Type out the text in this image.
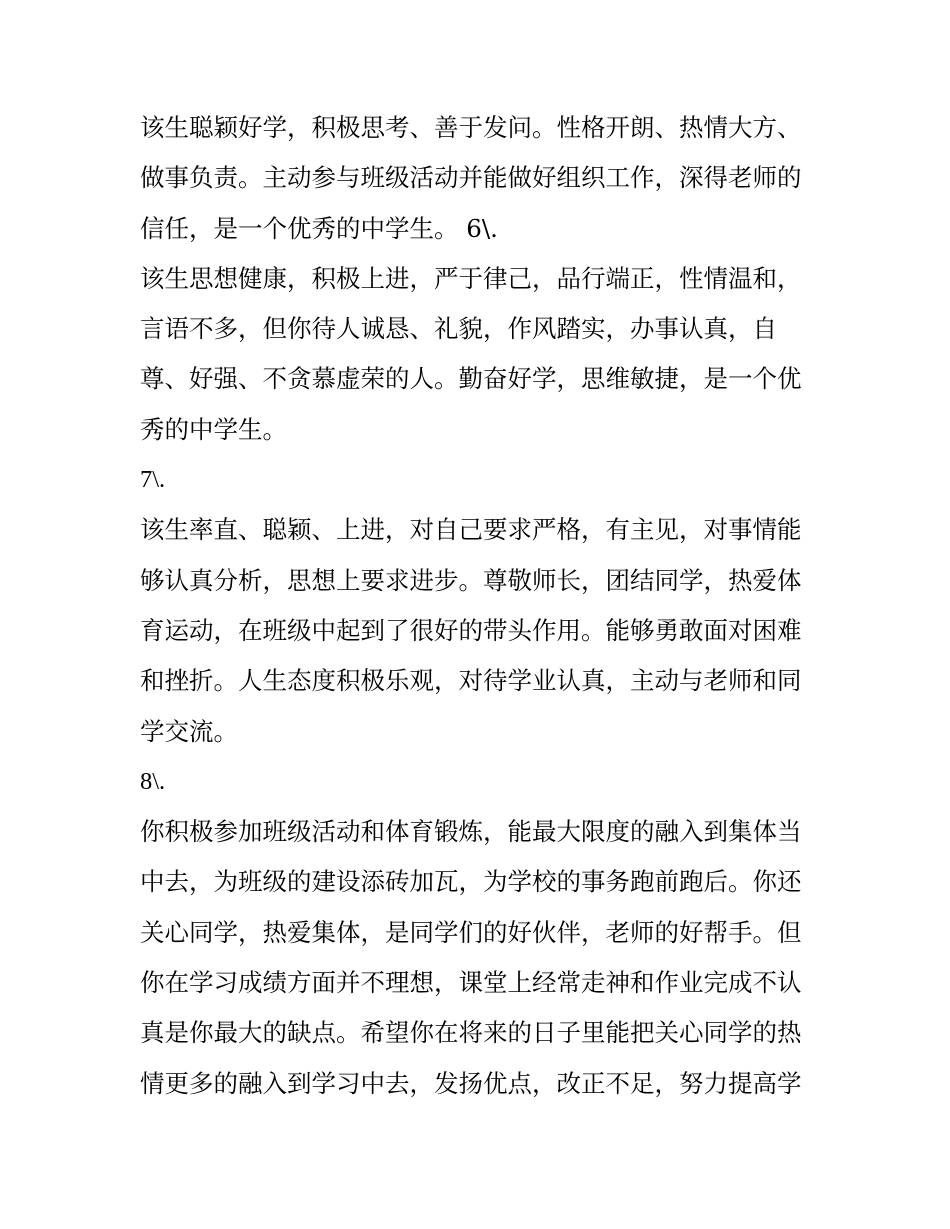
该生聪颖好学，积极思考、善于发问。性格开朗、热情大方、
做事负责。主动参与班级活动并能做好组织工作，深得老师的
信任，是一个优秀的中学生。 6\.
该生思想健康，积极上进，严于律己，品行端正，性情温和，
言语不多，但你待人诚恳、礼貌，作风踏实，办事认真，自
尊、好强、不贪慕虚荣的人。勤奋好学，思维敏捷，是一个优
秀的中学生。
7\.
该生率直、聪颖、上进，对自己要求严格，有主见，对事情能
够认真分析，思想上要求进步。尊敬师长，团结同学，热爱体
育运动，在班级中起到了很好的带头作用。能够勇敢面对困难
和挫折。人生态度积极乐观，对待学业认真，主动与老师和同
学交流。
8\.
你积极参加班级活动和体育锻炼，能最大限度的融入到集体当
中去，为班级的建设添砖加瓦，为学校的事务跑前跑后。你还
关心同学，热爱集体，是同学们的好伙伴，老师的好帮手。但
你在学习成绩方面并不理想，课堂上经常走神和作业完成不认
真是你最大的缺点。希望你在将来的日子里能把关心同学的热
情更多的融入到学习中去，发扬优点，改正不足，努力提高学
